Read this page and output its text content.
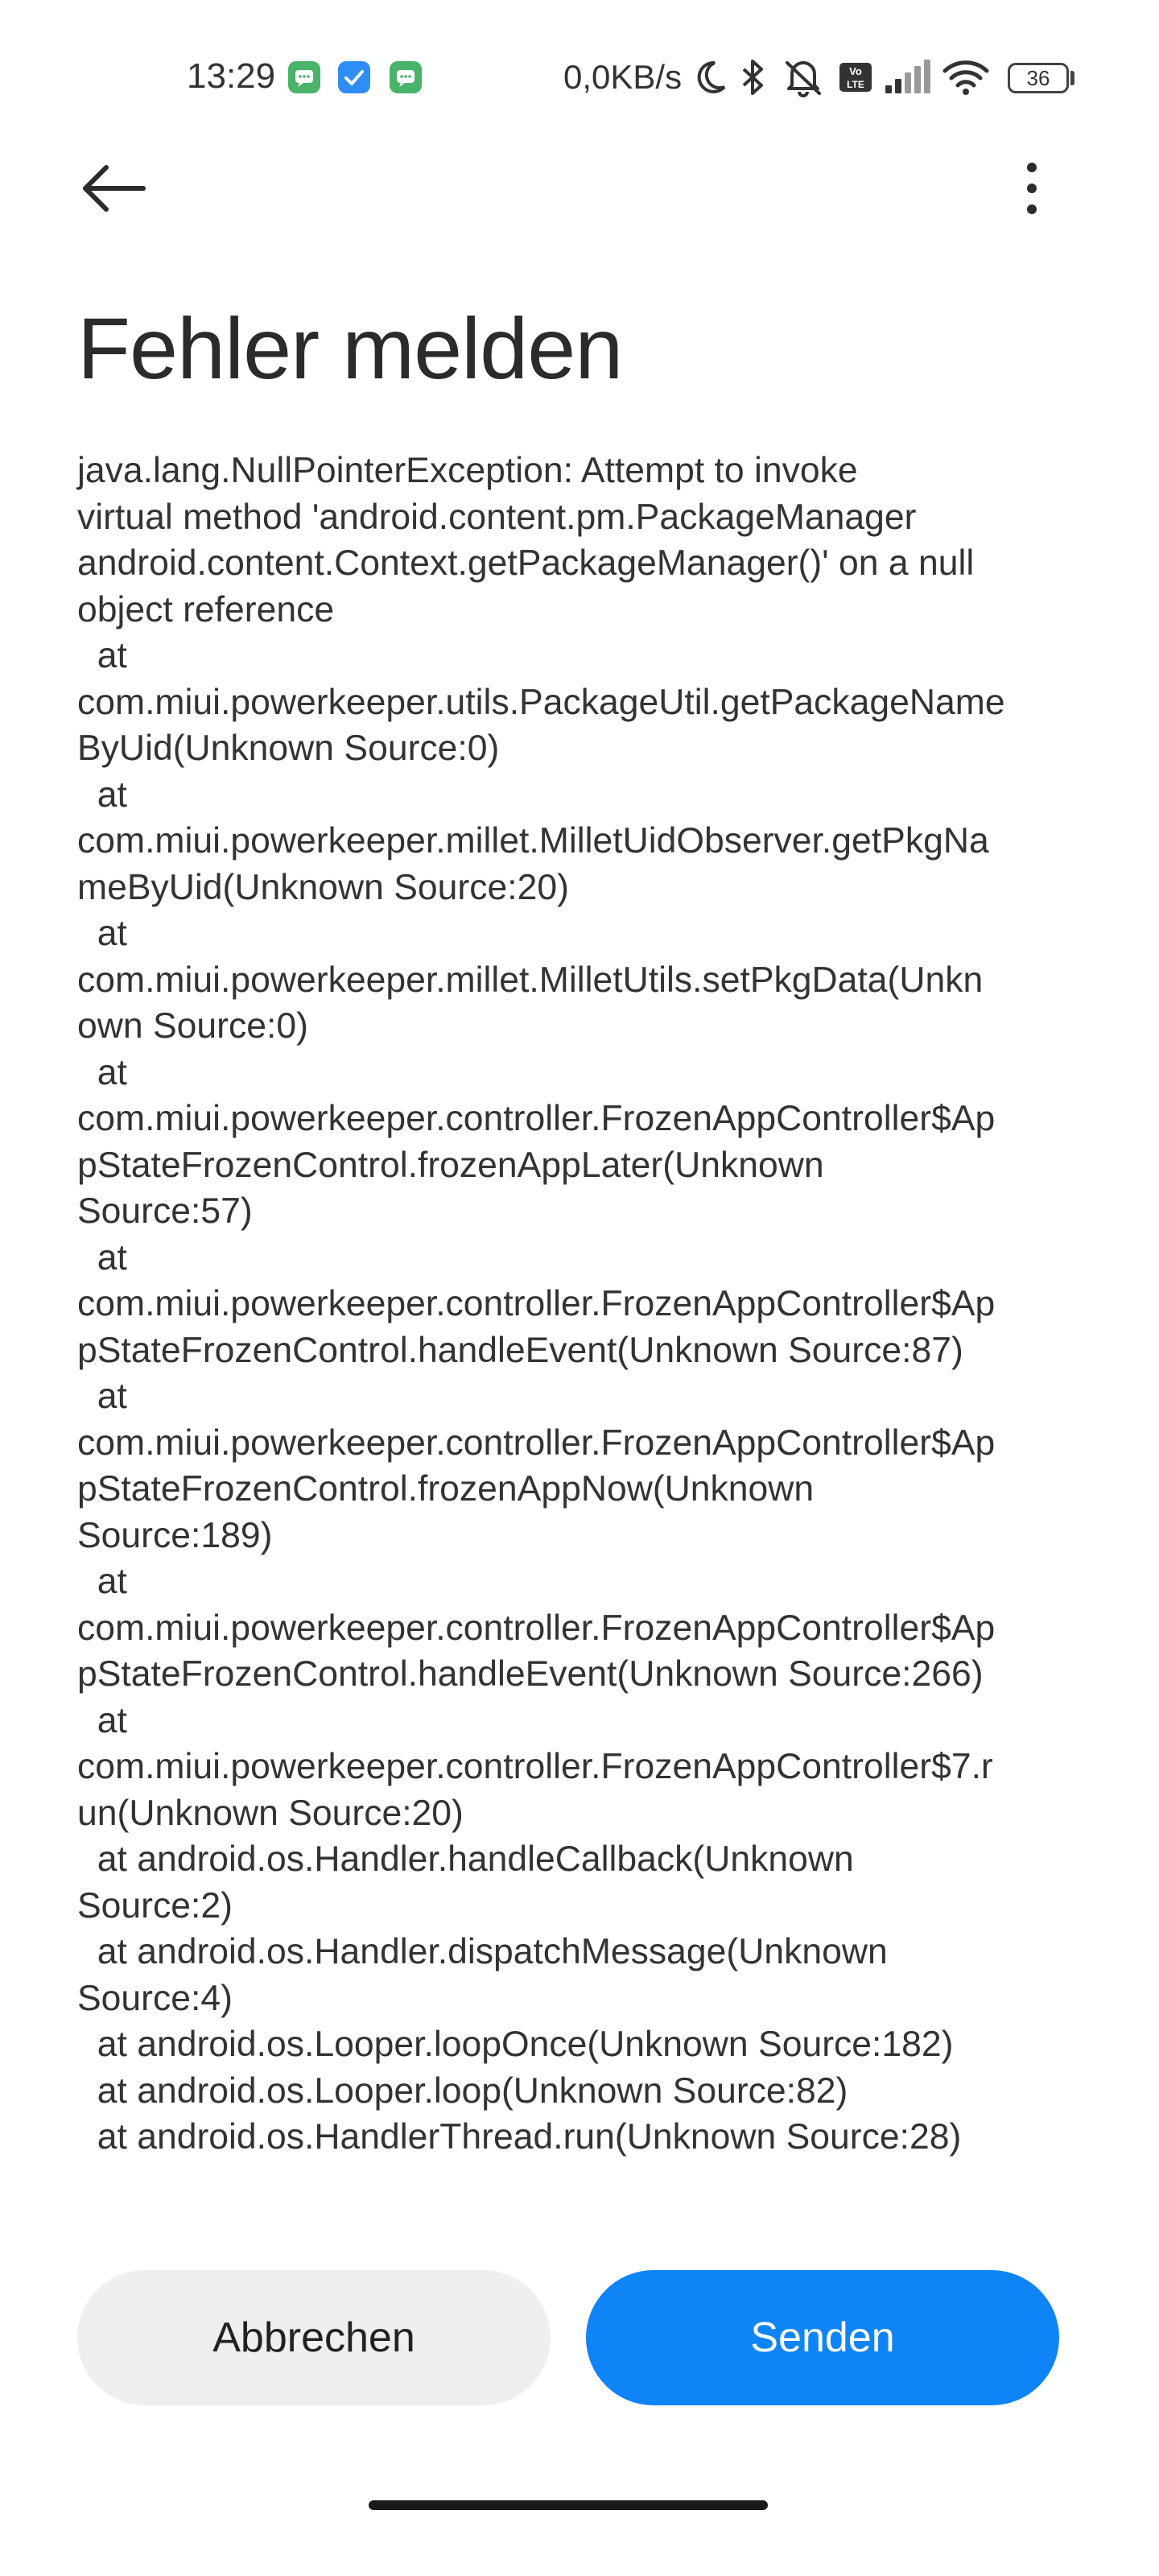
13:29	0,0KB/s	Vo
LTE	36
Fehler melden
java.lang.NullPointerException: Attempt to invoke
virtual method 'android.content.pm.PackageManager
android.content.Context.getPackageManager()' on a null
object reference
at
com.miui.powerkeeper.utils.PackageUtil.getPackageName
ByUid(Unknown Source:0)
at
com.miui.powerkeeper.millet.MilletUidObserver.getPkgNa
meByUid(Unknown Source:20)
at
com.miui.powerkeeper.millet.MilletUtils.setPkgData(Unkn
own Source:0)
at
com.miui.powerkeeper.controller.FrozenAppController$Ap
pStateFrozenControl.frozenAppLater(Unknown
Source:57)
at
com.miui.powerkeeper.controller.FrozenAppController$Ap
pStateFrozenControl.handleEvent(Unknown Source:87)
at
com.miui.powerkeeper.controller.FrozenAppController$Ap
pStateFrozenControl.frozenAppNow(Unknown
Source:189)
at
com.miui.powerkeeper.controller.FrozenAppController$Ap
pStateFrozenControl.handleEvent(Unknown Source:266)
at
com.miui.powerkeeper.controller.FrozenAppController$7.r
un(Unknown Source:20)
at android.os.Handler.handleCallback(Unknown
Source:2)
at android.os.Handler.dispatchMessage(Unknown
Source:4)
at android.os.Looper.loopOnce(Unknown Source:182)
at android.os.Looper.loop(Unknown Source:82)
at android.os.HandlerThread.run(Unknown Source:28)
Abbrechen	Senden
